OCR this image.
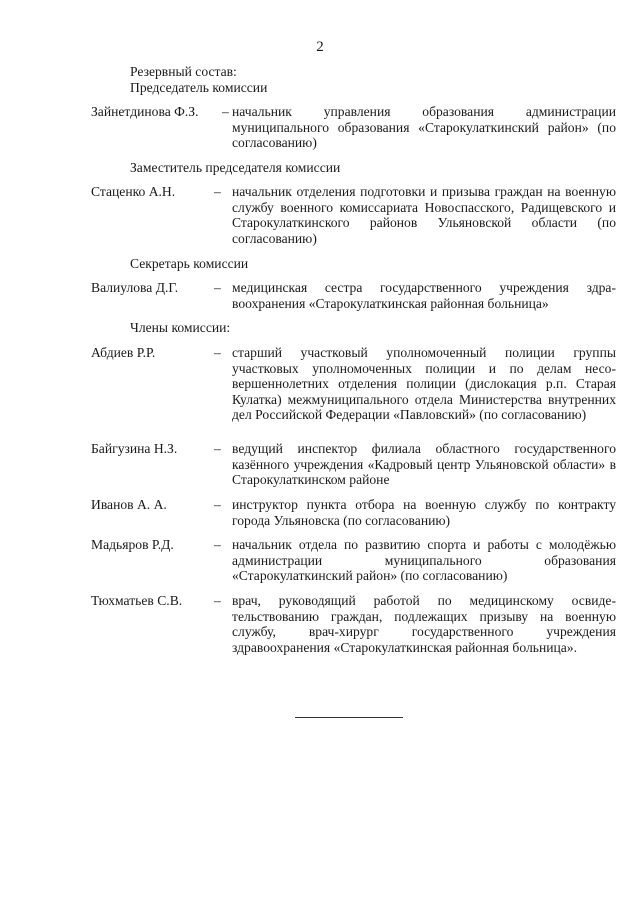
2
Резервный состав:
Председатель комиссии
Зайнетдинова Ф.З. – начальник управления образования администрации муниципального образования «Старокулаткинский район» (по согласованию)
Заместитель председателя комиссии
Стаценко А.Н.	– начальник отделения подготовки и призыва граждан на военную службу военного комиссариата Новоспасского, Радищевского и Старокулаткинского районов Ульяновской области (по согласованию)
Секретарь комиссии
Валиулова Д.Г.	– медицинская сестра государственного учреждения здравоохранения «Старокулаткинская районная больница»
Члены комиссии:
Абдиев Р.Р.	– старший участковый уполномоченный полиции группы участковых уполномоченных полиции и по делам несовершеннолетних отделения полиции (дислокация р.п. Старая Кулатка) межмуниципального отдела Министерства внутренних дел Российской Федерации «Павловский» (по согласованию)
Байгузина Н.З.	– ведущий инспектор филиала областного государственного казённого учреждения «Кадровый центр Ульяновской области» в Старокулаткинском районе
Иванов А. А.	– инструктор пункта отбора на военную службу по контракту города Ульяновска (по согласованию)
Мадьяров Р.Д.	– начальник отдела по развитию спорта и работы с молодёжью администрации муниципального образования «Старокулаткинский район» (по согласованию)
Тюхматьев С.В. – врач, руководящий работой по медицинскому освидетельствованию граждан, подлежащих призыву на военную службу, врач-хирург государственного учреждения здравоохранения «Старокулаткинская районная больница».
